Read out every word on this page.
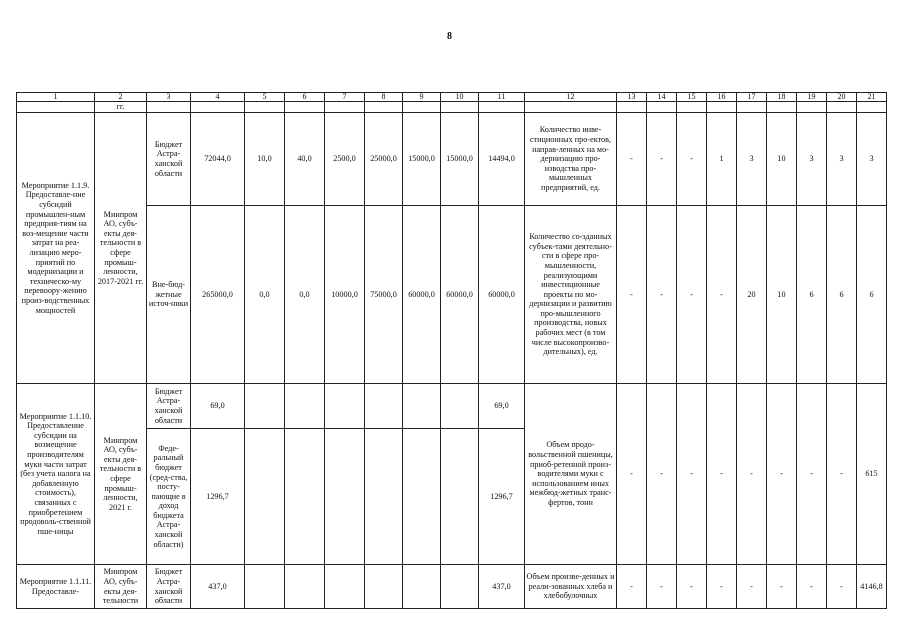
8
1	2	3	4	5	6	7	8	9	10	11	12	13	14	15	16	17	18	19	20	21
	гг.																			
Мероприятие 1.1.9. Предоставле-ние субсидий промышлен-ным предприя-тиям на воз-мещение части затрат на реа-лизацию меро-приятий по модернизации и техническо-му перевоору-жению произ-водственных мощностей	Минпром АО, субъ-екты дея-тельности в сфере промыш-ленности, 2017-2021 гг.	Бюджет Астра-ханской области	72044,0	10,0	40,0	2500,0	25000,0	15000,0	15000,0	14494,0	Количество инве-стиционных про-ектов, направ-ленных на мо-дернизацию про-изводства про-мышленных предприятий, ед.	-	-	-	1	3	10	3	3	3
		Вне-бюд-жетные источ-ники	265000,0	0,0	0,0	10000,0	75000,0	60000,0	60000,0	60000,0	Количество со-зданных субъек-тами деятельно-сти в сфере про-мышленности, реализующими инвестиционные проекты по мо-дернизации и развитию про-мышленного производства, новых рабочих мест (в том числе высокопроизво-дительных), ед.	-	-	-	-	20	10	6	6	6
Мероприятие 1.1.10. Предоставление субсидии на возмещение производителям муки части затрат (без учета налога на добавленную стоимость), связанных с приобретением продоволь-ственной пше-ницы	Минпром АО, субъ-екты дея-тельности в сфере промыш-ленности, 2021 г.	Бюджет Астра-ханской области	69,0							69,0	Объем продо-вольственной пшеницы, приоб-ретенной произ-водителями муки с использованием иных межбюд-жетных транс-фертов, тонн	-	-	-	-	-	-	-	-	615
		Феде-ральный бюджет (сред-ства, посту-пающие в доход бюджета Астра-ханской области)	1296,7							1296,7										
Мероприятие 1.1.11. Предоставле-	Минпром АО, субъ-екты дея-тельности	Бюджет Астра-ханской области	437,0							437,0	Объем произве-денных и реали-зованных хлеба и хлебобулочных	-	-	-	-	-	-	-	-	4146,8
